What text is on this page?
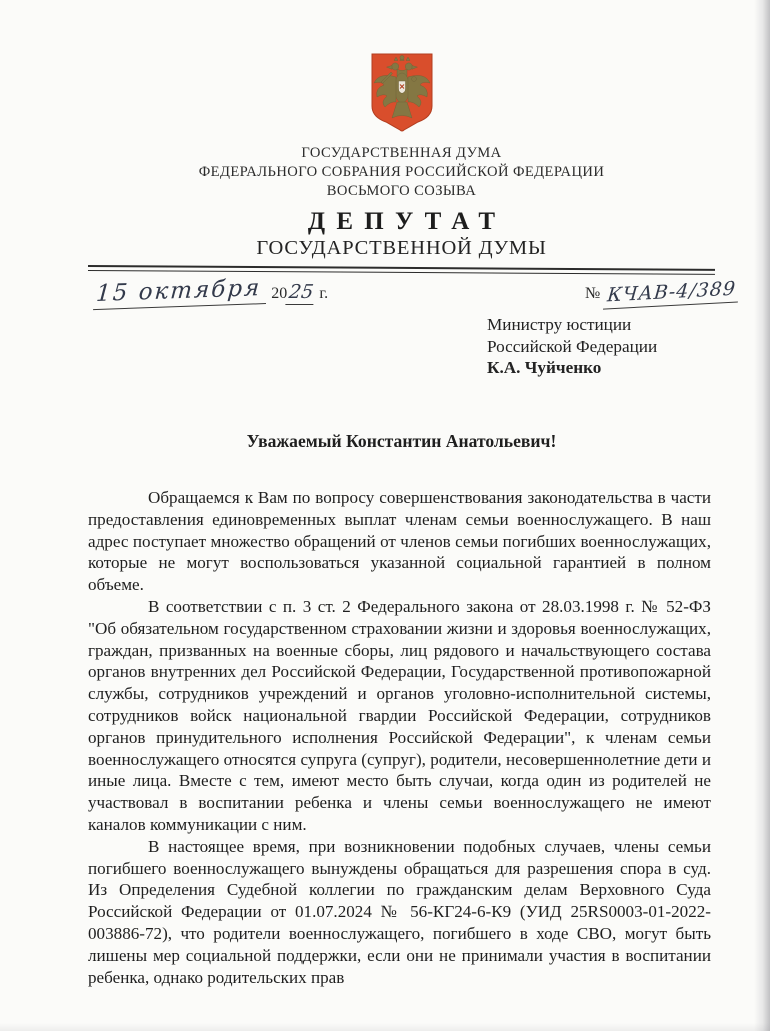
ГОСУДАРСТВЕННАЯ ДУМА
ФЕДЕРАЛЬНОГО СОБРАНИЯ РОССИЙСКОЙ ФЕДЕРАЦИИ
ВОСЬМОГО СОЗЫВА
ДЕПУТАТ
ГОСУДАРСТВЕННОЙ ДУМЫ
15 октября 2025 г.	№ КЧАВ-4/389
Министру юстиции
Российской Федерации
К.А. Чуйченко
Уважаемый Константин Анатольевич!

Обращаемся к Вам по вопросу совершенствования законодательства в части предоставления единовременных выплат членам семьи военнослужащего. В наш адрес поступает множество обращений от членов семьи погибших военнослужащих, которые не могут воспользоваться указанной социальной гарантией в полном объеме.

В соответствии с п. 3 ст. 2 Федерального закона от 28.03.1998 г. № 52-ФЗ "Об обязательном государственном страховании жизни и здоровья военнослужащих, граждан, призванных на военные сборы, лиц рядового и начальствующего состава органов внутренних дел Российской Федерации, Государственной противопожарной службы, сотрудников учреждений и органов уголовно-исполнительной системы, сотрудников войск национальной гвардии Российской Федерации, сотрудников органов принудительного исполнения Российской Федерации", к членам семьи военнослужащего относятся супруга (супруг), родители, несовершеннолетние дети и иные лица. Вместе с тем, имеют место быть случаи, когда один из родителей не участвовал в воспитании ребенка и члены семьи военнослужащего не имеют каналов коммуникации с ним.

В настоящее время, при возникновении подобных случаев, члены семьи погибшего военнослужащего вынуждены обращаться для разрешения спора в суд. Из Определения Судебной коллегии по гражданским делам Верховного Суда Российской Федерации от 01.07.2024 № 56-КГ24-6-К9 (УИД 25RS0003-01-2022-003886-72), что родители военнослужащего, погибшего в ходе СВО, могут быть лишены мер социальной поддержки, если они не принимали участия в воспитании ребенка, однако родительских прав
